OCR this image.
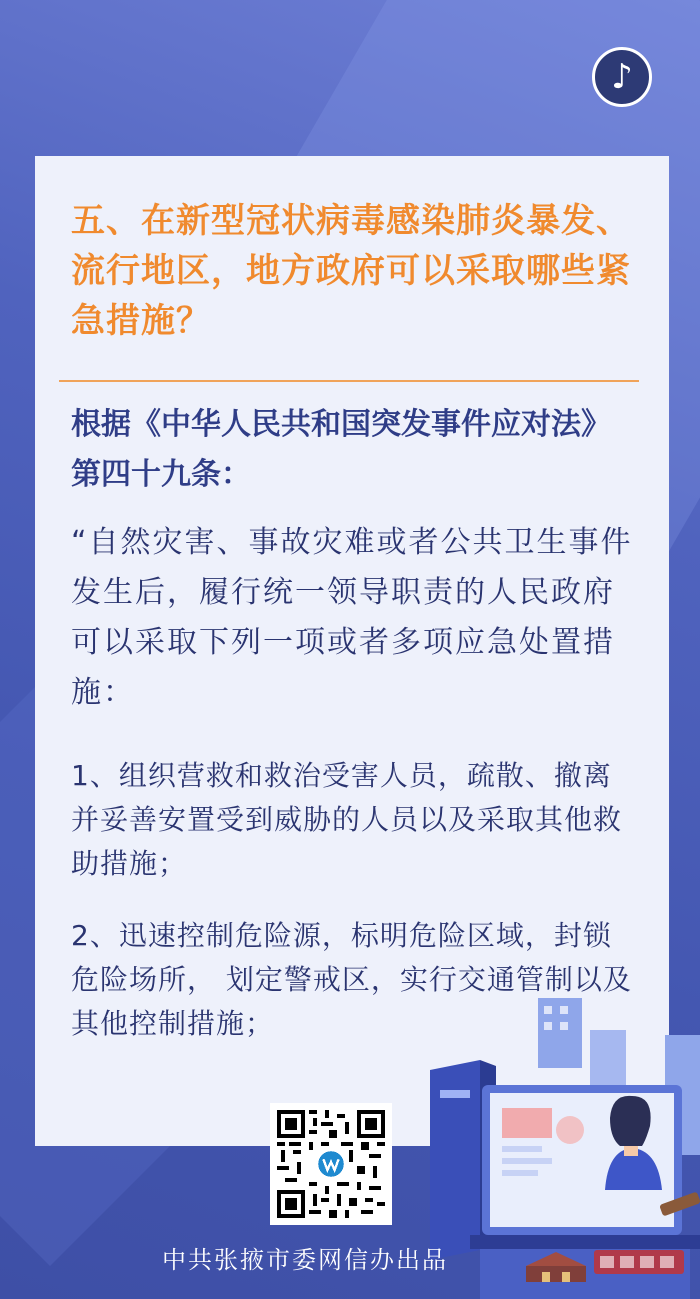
♪

五、在新型冠状病毒感染肺炎暴发、流行地区，地方政府可以采取哪些紧急措施？

根据《中华人民共和国突发事件应对法》第四十九条：

“自然灾害、事故灾难或者公共卫生事件发生后，履行统一领导职责的人民政府可以采取下列一项或者多项应急处置措施：

1、组织营救和救治受害人员，疏散、撤离并妥善安置受到威胁的人员以及采取其他救助措施；

2、迅速控制危险源，标明危险区域，封锁危险场所， 划定警戒区，实行交通管制以及其他控制措施；

中共张掖市委网信办出品
